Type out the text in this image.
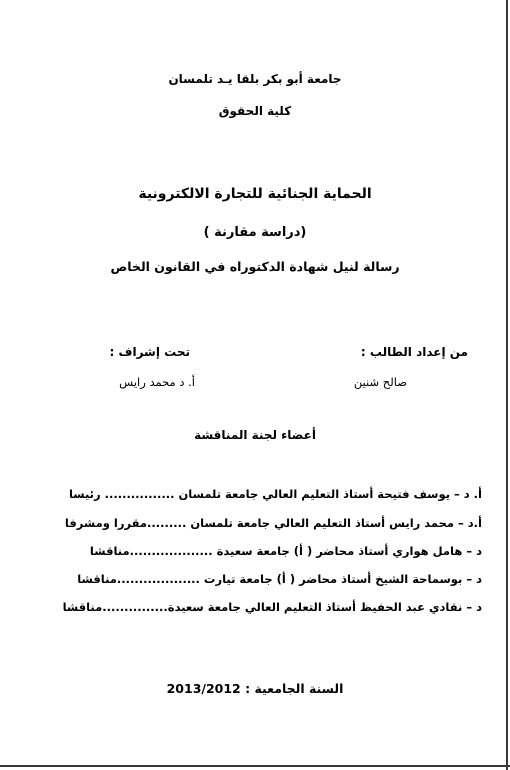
جامعة أبو بكر بلقا يـد تلمسان
كلية الحقوق
الحماية الجنائية للتجارة الالكترونية
(دراسة مقارنة )
رسالة لنيل شهادة الدكتوراه في القانون الخاص
من إعداد الطالب :
صالح شنين
تحت إشراف :
أ. د محمد رايس
أعضاء لجنة المناقشة
أ. د – يوسف فتيحة أستاذ التعليم العالي جامعة تلمسان ................ رئيسا
أ.د – محمد رايس أستاذ التعليم العالي جامعة تلمسان .........مقررا ومشرفا
د – هامل هواري أستاذ محاضر ( أ) جامعة سعيدة ...................مناقشا
د – بوسماحة الشيخ أستاذ محاضر ( أ) جامعة تيارت ...................مناقشا
د – نقادي عبد الحفيظ أستاذ التعليم العالي جامعة سعيدة...............مناقشا
السنة الجامعية : 2013/2012
